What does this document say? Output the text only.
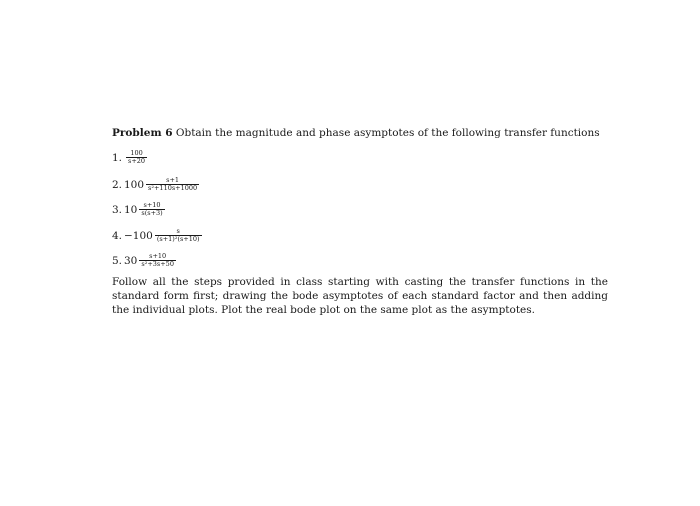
Problem 6 Obtain the magnitude and phase asymptotes of the following transfer functions
1. $\frac{100}{s+20}$
2. $100 \frac{s+1}{\text{s²+110s+1000}}$
3. $10 \frac{s+10}{s(s+3)}$
4. $-100 \frac{s}{\text{(s+1)²(s+10)}}$
5. $30 \frac{s+10}{\text{s²+3s+50}}$
Follow all the steps provided in class starting with casting the transfer functions in the standard form first; drawing the bode asymptotes of each standard factor and then adding the individual plots. Plot the real bode plot on the same plot as the asymptotes.
